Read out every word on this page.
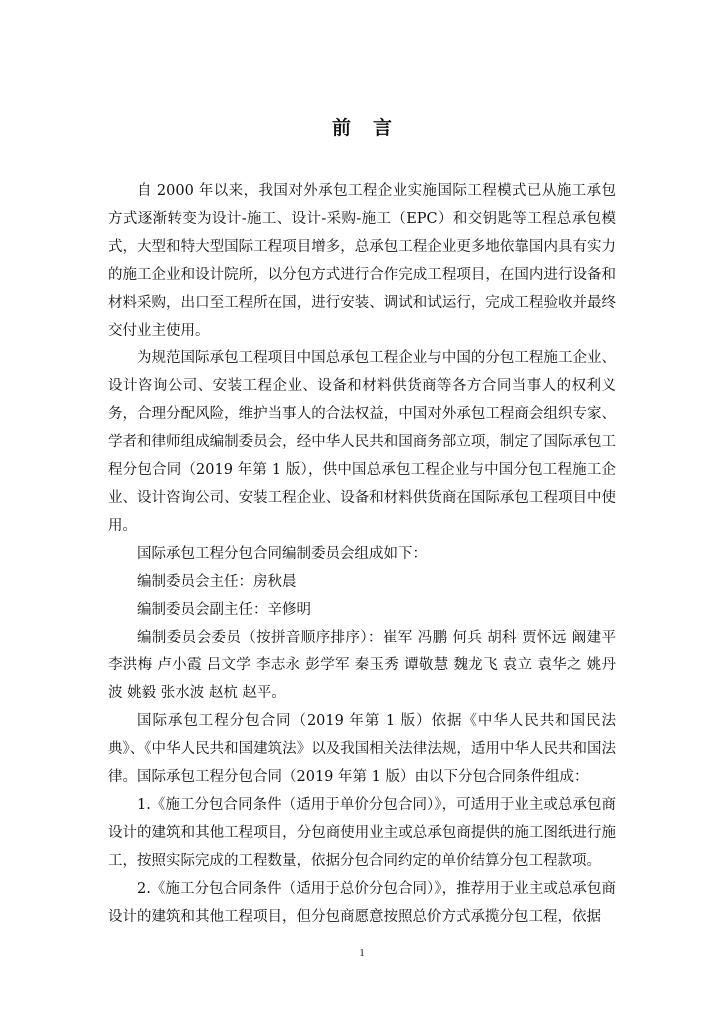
前言

自 2000 年以来，我国对外承包工程企业实施国际工程模式已从施工承包方式逐渐转变为设计-施工、设计-采购-施工（EPC）和交钥匙等工程总承包模式，大型和特大型国际工程项目增多，总承包工程企业更多地依靠国内具有实力的施工企业和设计院所，以分包方式进行合作完成工程项目，在国内进行设备和材料采购，出口至工程所在国，进行安装、调试和试运行，完成工程验收并最终交付业主使用。

为规范国际承包工程项目中国总承包工程企业与中国的分包工程施工企业、设计咨询公司、安装工程企业、设备和材料供货商等各方合同当事人的权利义务，合理分配风险，维护当事人的合法权益，中国对外承包工程商会组织专家、学者和律师组成编制委员会，经中华人民共和国商务部立项，制定了国际承包工程分包合同（2019 年第 1 版），供中国总承包工程企业与中国分包工程施工企业、设计咨询公司、安装工程企业、设备和材料供货商在国际承包工程项目中使用。

国际承包工程分包合同编制委员会组成如下：

编制委员会主任：房秋晨

编制委员会副主任：辛修明

编制委员会委员（按拼音顺序排序）：崔军 冯鹏 何兵 胡科 贾怀远 阚建平 李洪梅 卢小霞 吕文学 李志永 彭学军 秦玉秀 谭敬慧 魏龙飞 袁立 袁华之 姚丹波 姚毅 张水波 赵杭 赵平。

国际承包工程分包合同（2019 年第 1 版）依据《中华人民共和国民法典》、《中华人民共和国建筑法》以及我国相关法律法规，适用中华人民共和国法律。国际承包工程分包合同（2019 年第 1 版）由以下分包合同条件组成：

1.《施工分包合同条件（适用于单价分包合同）》，可适用于业主或总承包商设计的建筑和其他工程项目，分包商使用业主或总承包商提供的施工图纸进行施工，按照实际完成的工程数量，依据分包合同约定的单价结算分包工程款项。

2.《施工分包合同条件（适用于总价分包合同）》，推荐用于业主或总承包商设计的建筑和其他工程项目，但分包商愿意按照总价方式承揽分包工程，依据

1
